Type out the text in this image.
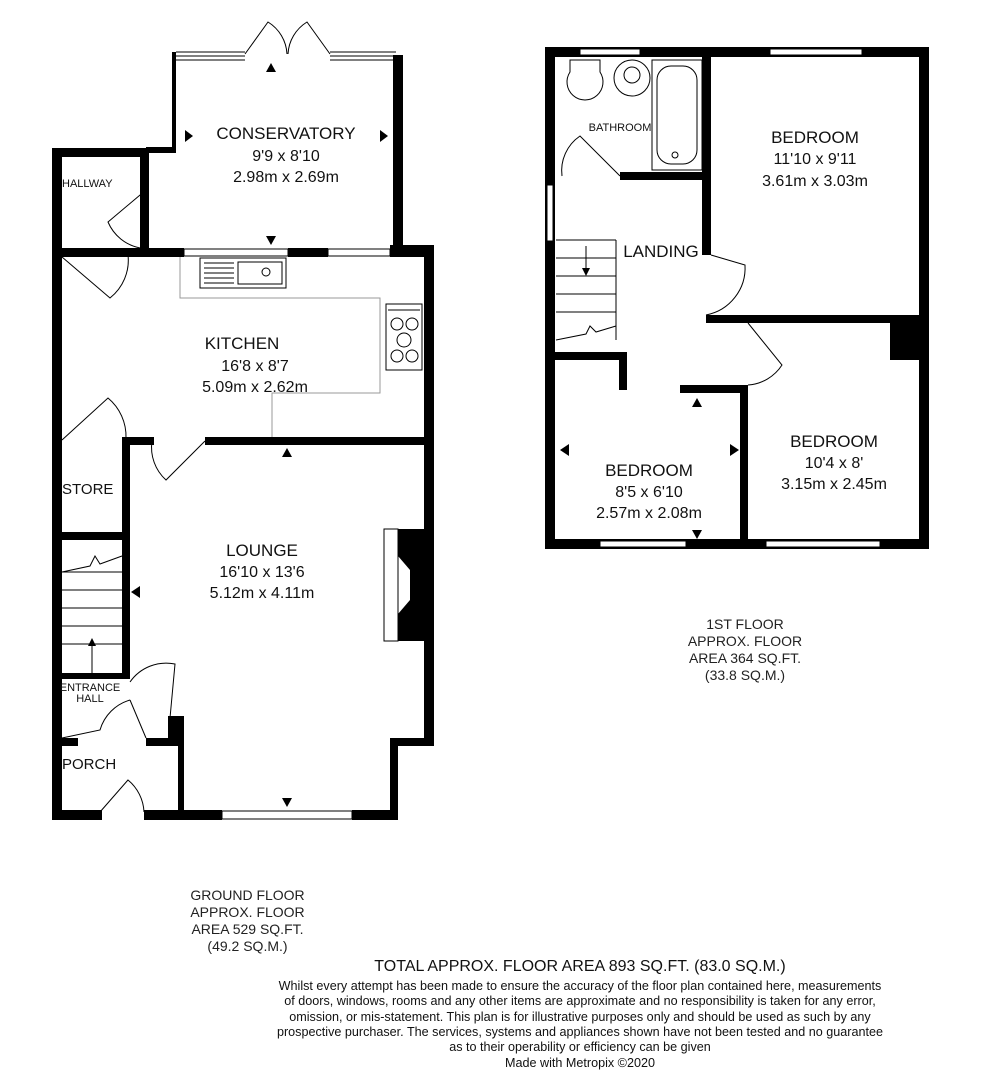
CONSERVATORY
9'9 x 8'10
2.98m x 2.69m
HALLWAY
KITCHEN
16'8 x 8'7
5.09m x 2.62m
STORE
LOUNGE
16'10 x 13'6
5.12m x 4.11m
ENTRANCE
HALL
PORCH
BATHROOM
LANDING
BEDROOM
11'10 x 9'11
3.61m x 3.03m
BEDROOM
10'4 x 8'
3.15m x 2.45m
BEDROOM
8'5 x 6'10
2.57m x 2.08m
1ST FLOOR
APPROX. FLOOR
AREA 364 SQ.FT.
(33.8 SQ.M.)
GROUND FLOOR
APPROX. FLOOR
AREA 529 SQ.FT.
(49.2 SQ.M.)
TOTAL APPROX. FLOOR AREA 893 SQ.FT. (83.0 SQ.M.)
Whilst every attempt has been made to ensure the accuracy of the floor plan contained here, measurements
of doors, windows, rooms and any other items are approximate and no responsibility is taken for any error,
omission, or mis-statement. This plan is for illustrative purposes only and should be used as such by any
prospective purchaser. The services, systems and appliances shown have not been tested and no guarantee
as to their operability or efficiency can be given
Made with Metropix ©2020
